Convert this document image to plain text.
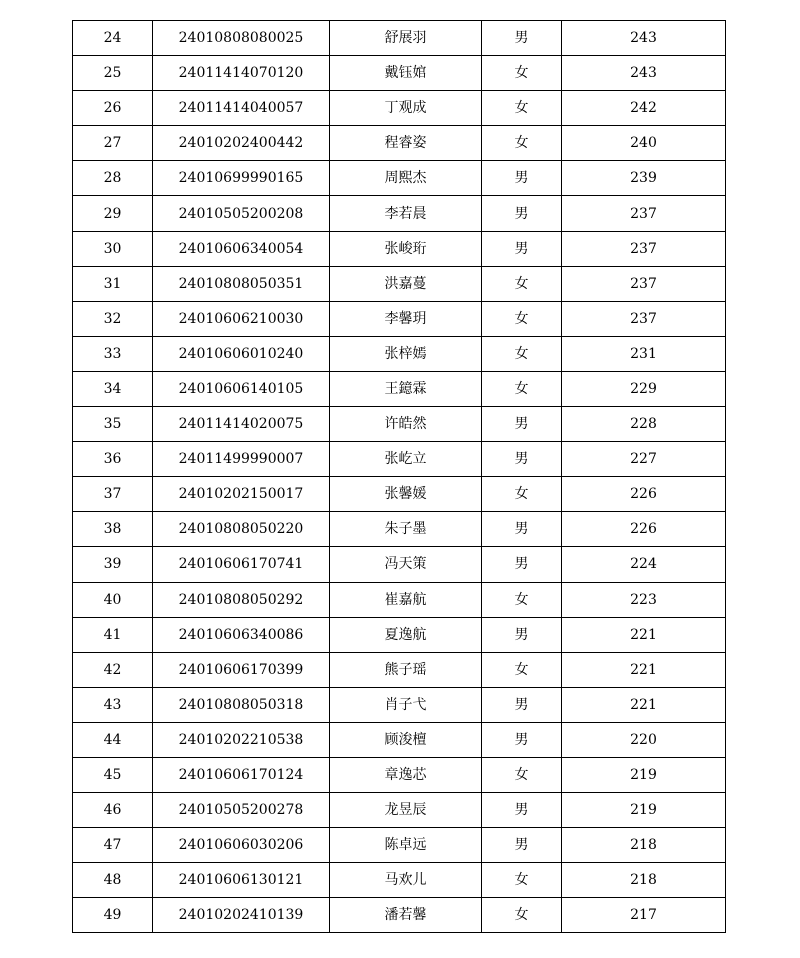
24	24010808080025	舒展羽	男	243
25	24011414070120	戴钰婠	女	243
26	24011414040057	丁观成	女	242
27	24010202400442	程睿姿	女	240
28	24010699990165	周熙杰	男	239
29	24010505200208	李若晨	男	237
30	24010606340054	张峻珩	男	237
31	24010808050351	洪嘉蔓	女	237
32	24010606210030	李馨玥	女	237
33	24010606010240	张梓嫣	女	231
34	24010606140105	王鐿霖	女	229
35	24011414020075	许皓然	男	228
36	24011499990007	张屹立	男	227
37	24010202150017	张馨媛	女	226
38	24010808050220	朱子墨	男	226
39	24010606170741	冯天策	男	224
40	24010808050292	崔嘉航	女	223
41	24010606340086	夏逸航	男	221
42	24010606170399	熊子瑶	女	221
43	24010808050318	肖子弋	男	221
44	24010202210538	顾浚檀	男	220
45	24010606170124	章逸芯	女	219
46	24010505200278	龙昱辰	男	219
47	24010606030206	陈卓远	男	218
48	24010606130121	马欢儿	女	218
49	24010202410139	潘若馨	女	217
